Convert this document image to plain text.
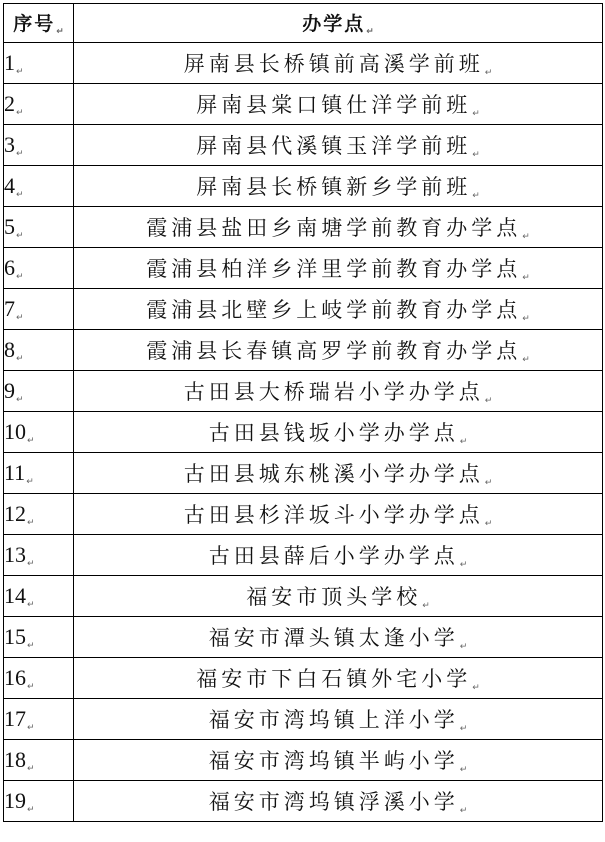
序号$_↵$	办学点$_↵$
1↵	屏南县长桥镇前高溪学前班↵
2↵	屏南县棠口镇仕洋学前班↵
3↵	屏南县代溪镇玉洋学前班↵
4↵	屏南县长桥镇新乡学前班↵
5↵	霞浦县盐田乡南塘学前教育办学点↵
6↵	霞浦县柏洋乡洋里学前教育办学点↵
7↵	霞浦县北壁乡上岐学前教育办学点↵
8↵	霞浦县长春镇高罗学前教育办学点↵
9↵	古田县大桥瑞岩小学办学点↵
10↵	古田县钱坂小学办学点↵
11↵	古田县城东桃溪小学办学点↵
12↵	古田县杉洋坂斗小学办学点↵
13↵	古田县薛后小学办学点↵
14↵	福安市顶头学校↵
15↵	福安市潭头镇太逢小学↵
16↵	福安市下白石镇外宅小学↵
17↵	福安市湾坞镇上洋小学↵
18↵	福安市湾坞镇半屿小学↵
19↵	福安市湾坞镇浮溪小学↵
